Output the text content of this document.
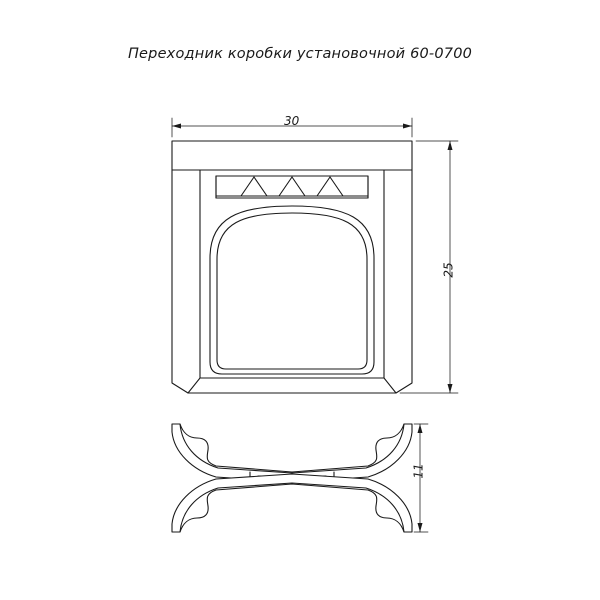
Переходник коробки установочной 60-0700
30
25
11
